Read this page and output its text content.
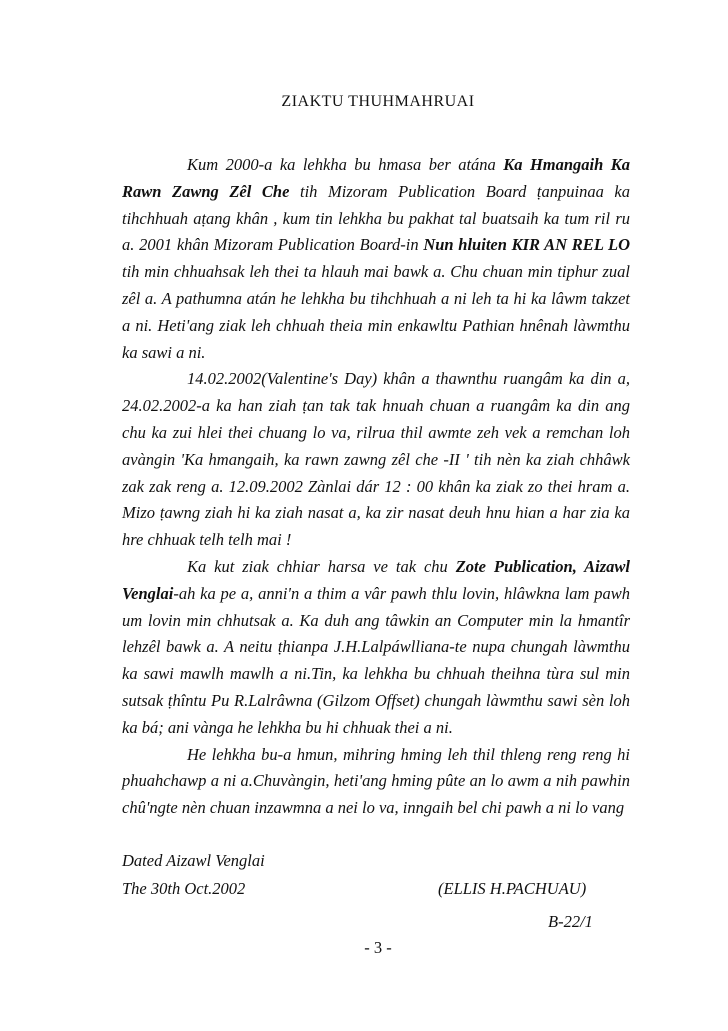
ZIAKTU THUHMAHRUAI

Kum 2000-a ka lehkha bu hmasa ber atána Ka Hmangaih Ka Rawn Zawng Zêl Che tih Mizoram Publication Board ṭanpuinaa ka tihchhuah aṭang khân , kum tin lehkha bu pakhat tal buatsaih ka tum ril ru a. 2001 khân Mizoram Publication Board-in Nun hluiten KIR AN REL LO tih min chhuahsak leh thei ta hlauh mai bawk a. Chu chuan min tiphur zual zêl a. A pathumna atán he lehkha bu tihchhuah a ni leh ta hi ka lâwm takzet a ni. Heti'ang ziak leh chhuah theia min enkawltu Pathian hnênah làwmthu ka sawi a ni.

14.02.2002(Valentine's Day) khân a thawnthu ruangâm ka din a, 24.02.2002-a ka han ziah ṭan tak tak hnuah chuan a ruangâm ka din ang chu ka zui hlei thei chuang lo va, rilrua thil awmte zeh vek a remchan loh avàngin 'Ka hmangaih, ka rawn zawng zêl che -II ' tih nèn ka ziah chhâwk zak zak reng a. 12.09.2002 Zànlai dár 12 : 00 khân ka ziak zo thei hram a. Mizo ṭawng ziah hi ka ziah nasat a, ka zir nasat deuh hnu hian a har zia ka hre chhuak telh telh mai !

Ka kut ziak chhiar harsa ve tak chu Zote Publication, Aizawl Venglai-ah ka pe a, anni'n a thim a vâr pawh thlu lovin, hlâwkna lam pawh um lovin min chhutsak a. Ka duh ang tâwkin an Computer min la hmantîr lehzêl bawk a. A neitu ṭhianpa J.H.Lalpáwlliana-te nupa chungah làwmthu ka sawi mawlh mawlh a ni.Tin, ka lehkha bu chhuah theihna tùra sul min sutsak ṭhîntu Pu R.Lalrâwna (Gilzom Offset) chungah làwmthu sawi sèn loh ka bá; ani vànga he lehkha bu hi chhuak thei a ni.

He lehkha bu-a hmun, mihring hming leh thil thleng reng reng hi phuahchawp a ni a.Chuvàngin, heti'ang hming pûte an lo awm a nih pawhin chû'ngte nèn chuan inzawmna a nei lo va, inngaih bel chi pawh a ni lo vang

Dated Aizawl Venglai
The 30th Oct.2002	(ELLIS H.PACHUAU)
B-22/1
- 3 -
